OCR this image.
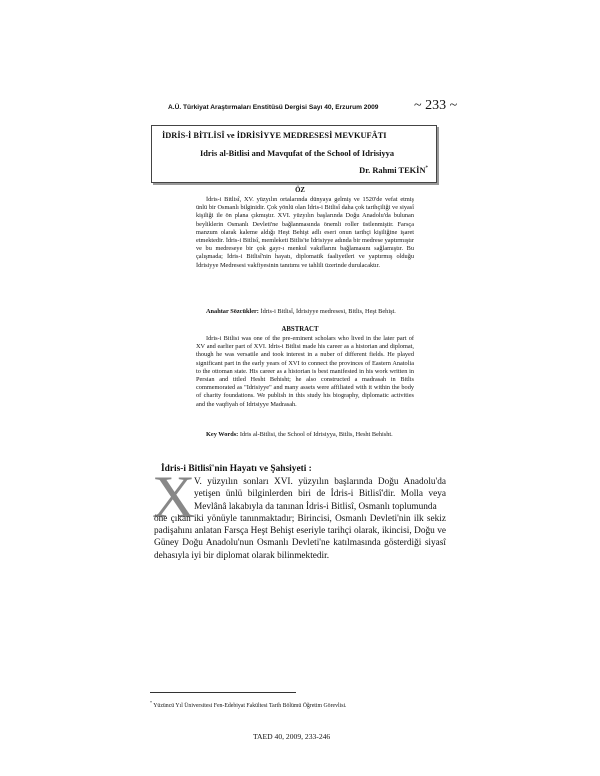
A.Ü. Türkiyat Araştırmaları Enstitüsü Dergisi Sayı 40, Erzurum 2009	~ 233 ~
İDRİS-İ BİTLİSÎ ve İDRİSİYYE MEDRESESİ MEVKUFÂTI
Idris al-Bitlisi and Mavqufat of the School of Idrisiyya
Dr. Rahmi TEKİN*
ÖZ

İdris-i Bitlisî, XV. yüzyılın ortalarında dünyaya gelmiş ve 1520'de vefat etmiş ünlü bir Osmanlı bilginidir. Çok yönlü olan İdris-i Bitlisî daha çok tarihçiliği ve siyasî kişiliği ile ön plana çıkmıştır. XVI. yüzyılın başlarında Doğu Anadolu'da bulunan beyliklerin Osmanlı Devleti'ne bağlanmasında önemli roller üstlenmiştir. Farsça manzum olarak kaleme aldığı Heşt Behişt adlı eseri onun tarihçi kişiliğine işaret etmektedir. İdris-i Bitlisî, memleketi Bitlis'te İdrisiyye adında bir medrese yaptırmıştır ve bu medreseye bir çok gayr-ı menkul vakıflarını bağlamasını sağlamıştır. Bu çalışmada; İdris-i Bitlisî'nin hayatı, diplomatik faaliyetleri ve yaptırmış olduğu İdrisiyye Medresesi vakfiyesinin tanıtımı ve tahlili üzerinde durulacaktır.

Anahtar Sözcükler: İdris-i Bitlisî, İdrisiyye medresesi, Bitlis, Heşt Behişt.
ABSTRACT

Idris-i Bitlisi was one of the pre-eminent scholars who lived in the later part of XV and earlier part of XVI. Idris-i Bitlisi made his career as a historian and diplomat, though he was versatile and took interest in a nuber of different fields. He played significant part in the early years of XVI to connect the provinces of Eastern Anatolia to the ottoman state. His career as a historian is best manifested in his work written in Persian and titled Hesht Behisht; he also constructed a madrasah in Bitlis commemorated as "Idrisiyye" and many assets were affiliated with it within the body of charity foundations. We publish in this study his biography, diplomatic activities and the vaqfiyah of Idrisiyye Madrasah.

Key Words: Idris al-Bitlisi, the School of Idrisiyya, Bitlis, Hesht Behisht.
İdris-i Bitlisî'nin Hayatı ve Şahsiyeti :
X
V. yüzyılın sonları XVI. yüzyılın başlarında Doğu Anadolu'da yetişen ünlü bilginlerden biri de İdris-i Bitlisî'dir. Molla veya Mevlânâ lakabıyla da tanınan İdris-i Bitlisî, Osmanlı toplumunda
öne çıkan iki yönüyle tanınmaktadır; Birincisi, Osmanlı Devleti'nin ilk sekiz padişahını anlatan Farsça Heşt Behişt eseriyle tarihçi olarak, ikincisi, Doğu ve Güney Doğu Anadolu'nun Osmanlı Devleti'ne katılmasında gösterdiği siyasî dehasıyla iyi bir diplomat olarak bilinmektedir.
* Yüzüncü Yıl Üniversitesi Fen-Edebiyat Fakültesi Tarih Bölümü Öğretim Görevlisi.
TAED 40, 2009, 233-246
